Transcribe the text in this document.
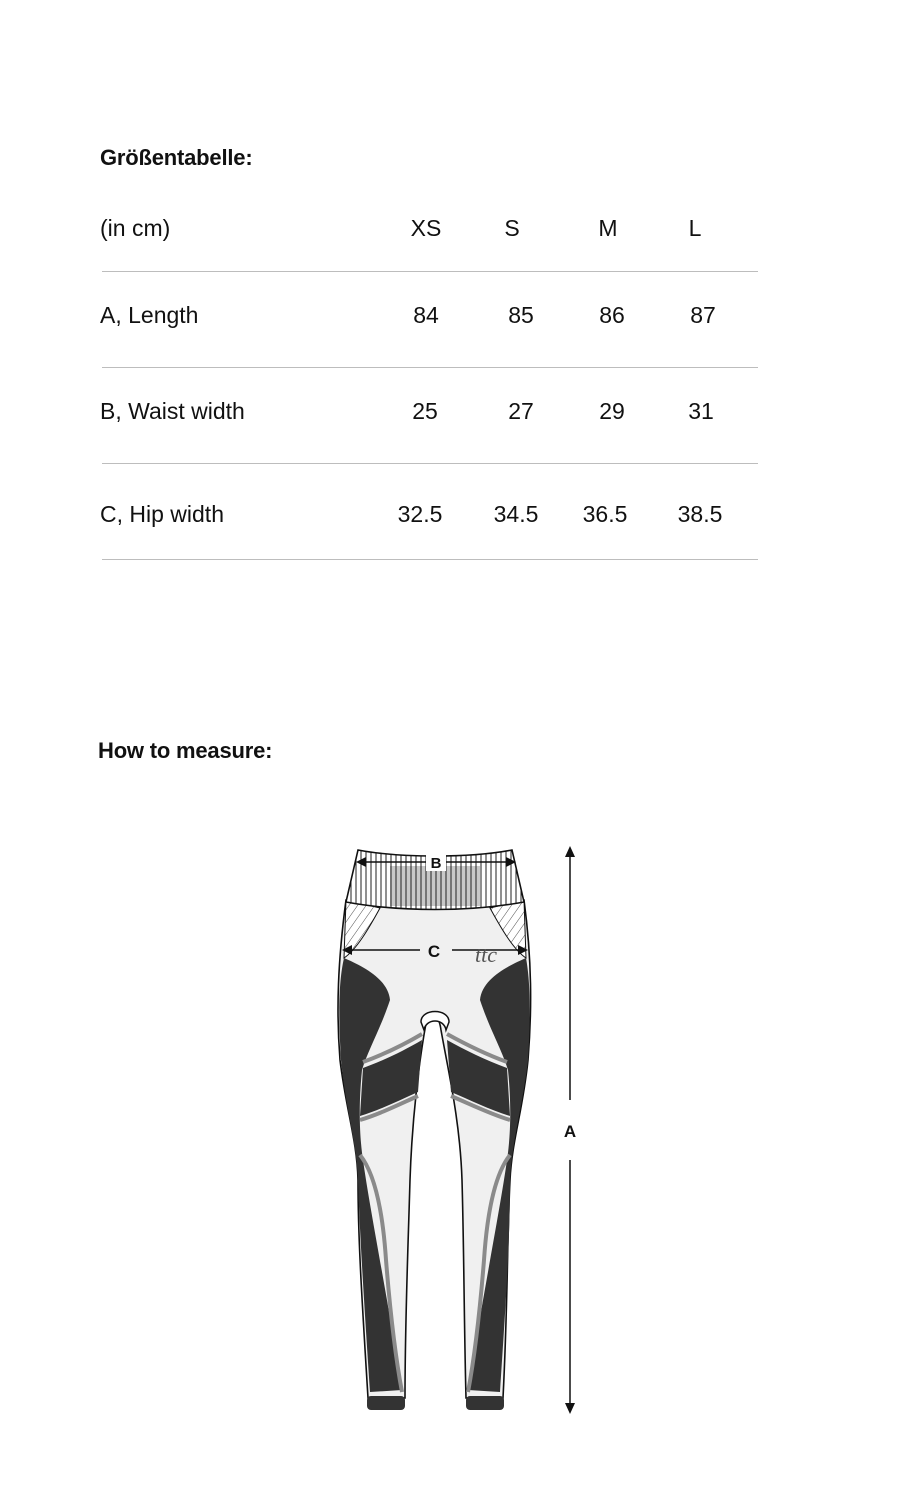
Größentabelle:
(in cm)	XS	S	M	L
A, Length	84	85	86	87
B, Waist width	25	27	29	31
C, Hip width	32.5	34.5	36.5	38.5
How to measure:
B
C ttc
A
